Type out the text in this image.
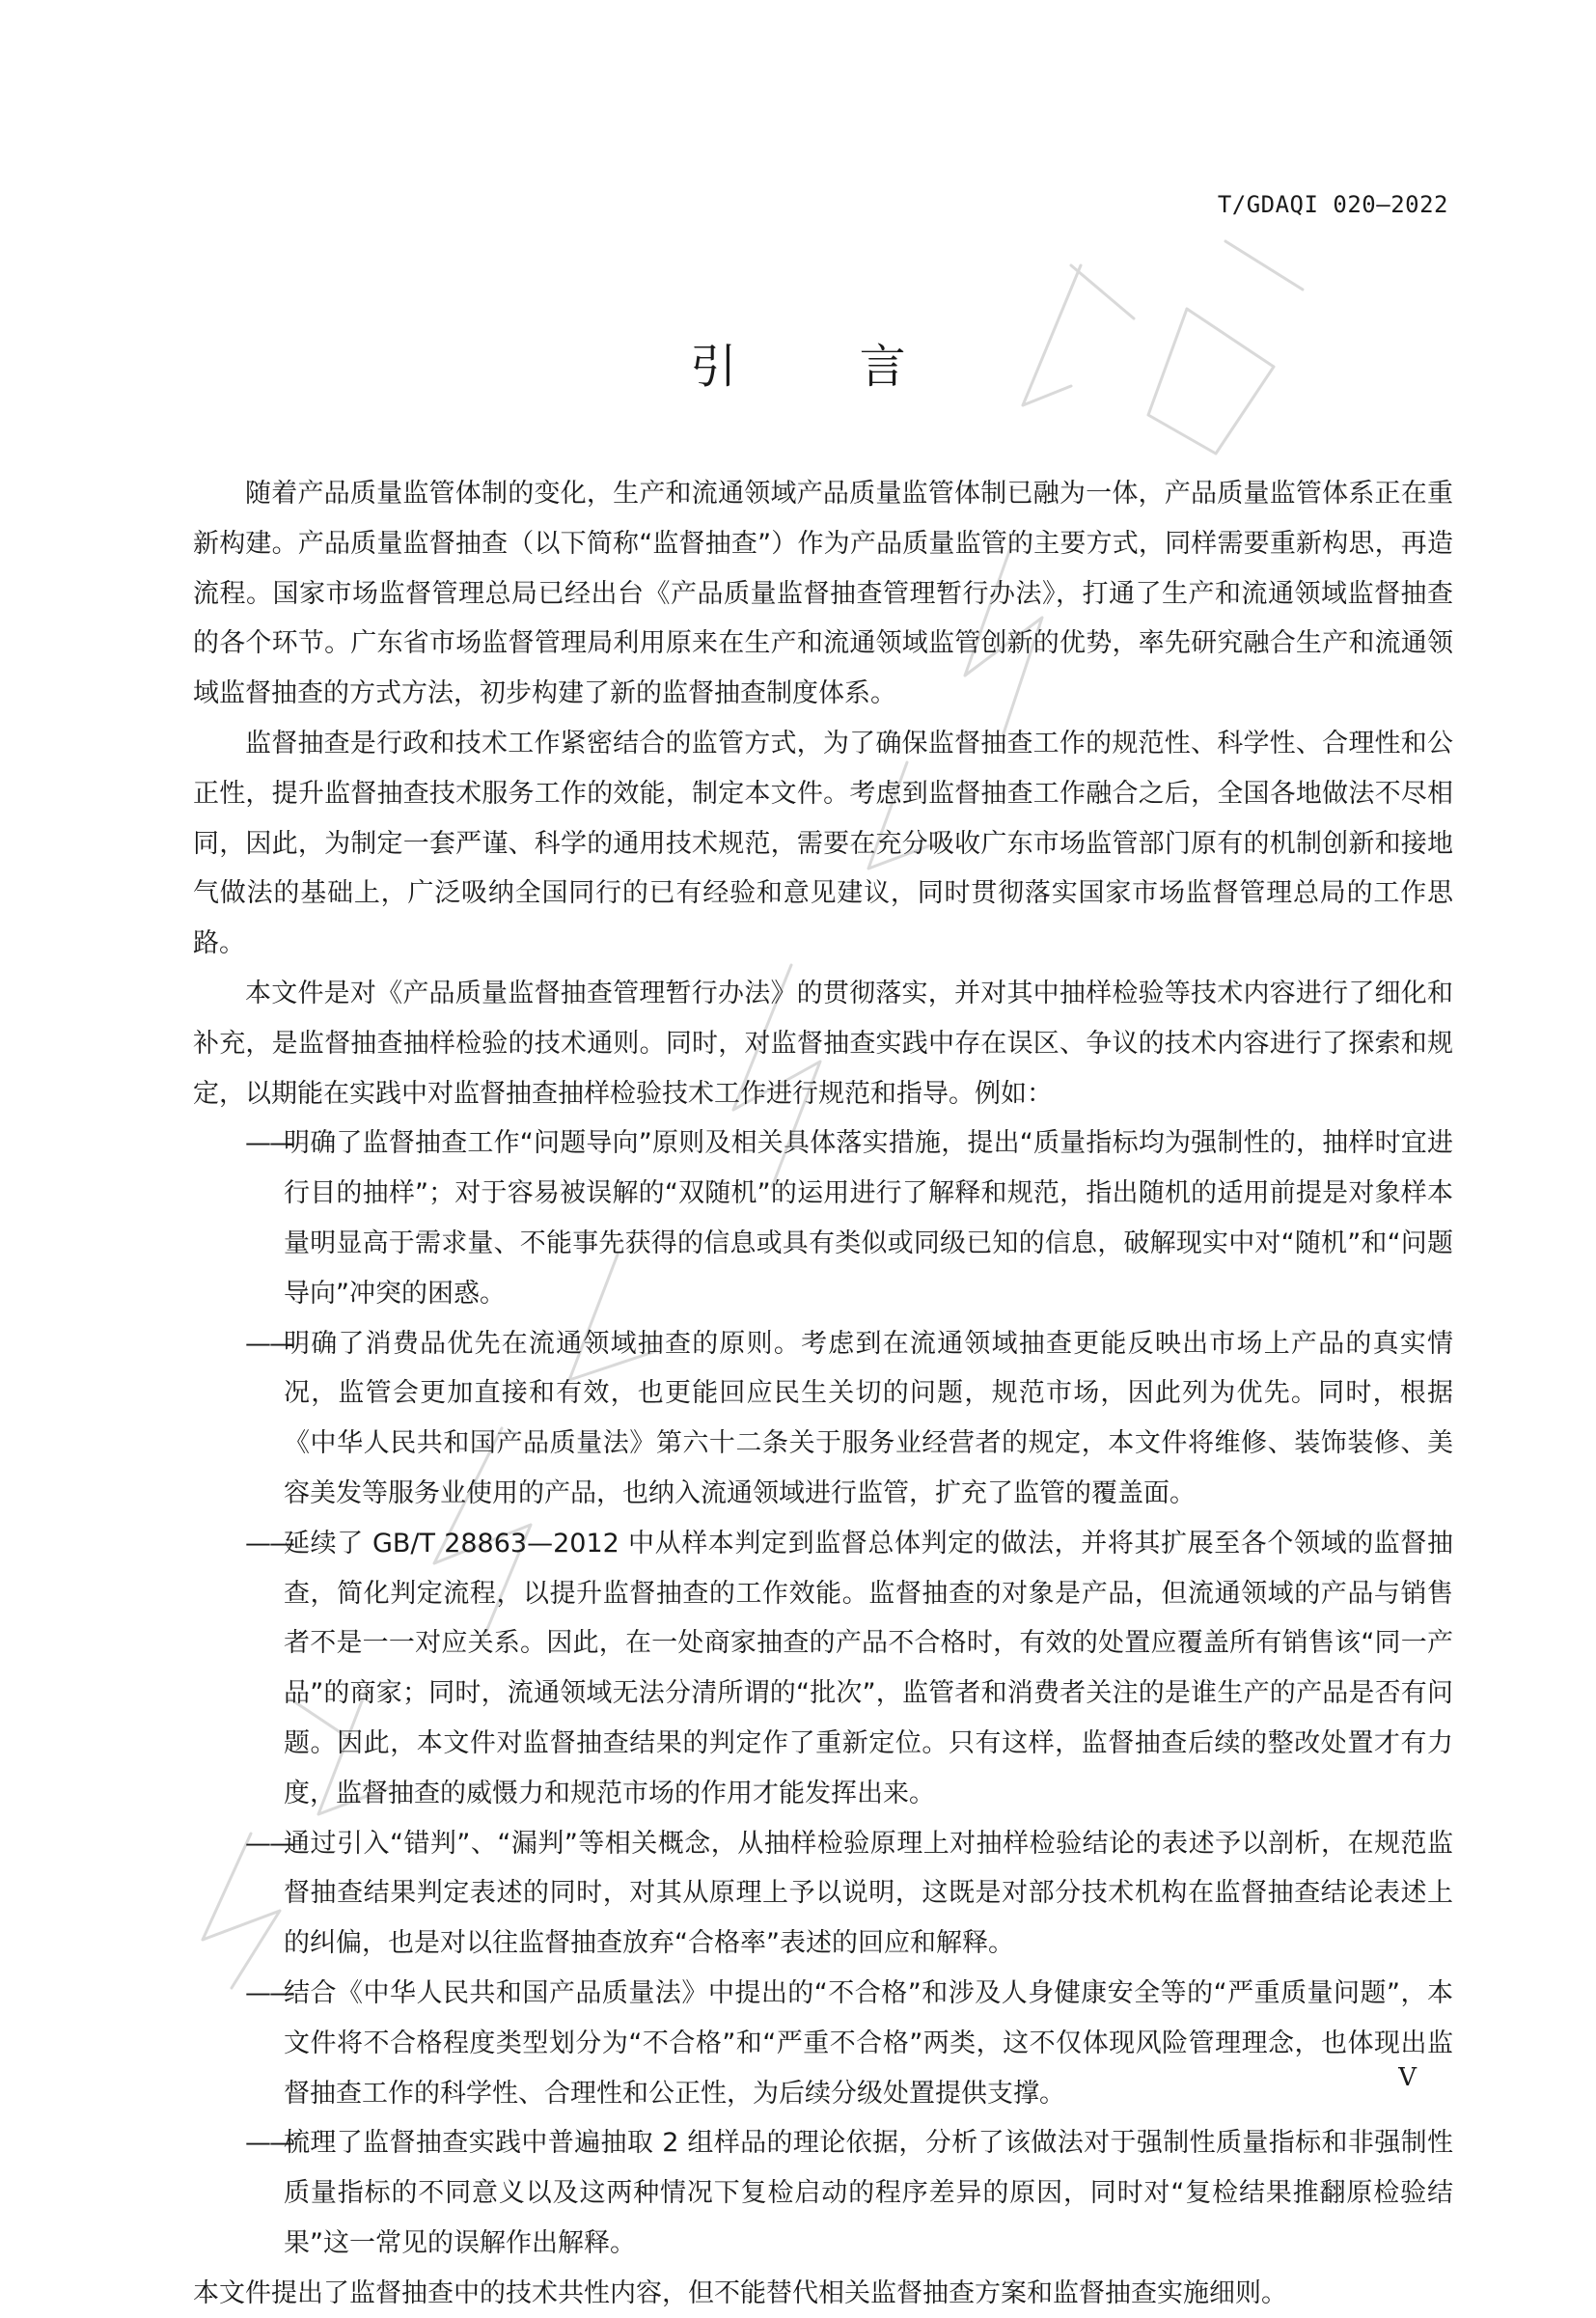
T/GDAQI 020—2022
引 言

随着产品质量监管体制的变化，生产和流通领域产品质量监管体制已融为一体，产品质量监管体系正在重新构建。产品质量监督抽查（以下简称“监督抽查”）作为产品质量监管的主要方式，同样需要重新构思，再造流程。国家市场监督管理总局已经出台《产品质量监督抽查管理暂行办法》，打通了生产和流通领域监督抽查的各个环节。广东省市场监督管理局利用原来在生产和流通领域监管创新的优势，率先研究融合生产和流通领域监督抽查的方式方法，初步构建了新的监督抽查制度体系。

监督抽查是行政和技术工作紧密结合的监管方式，为了确保监督抽查工作的规范性、科学性、合理性和公正性，提升监督抽查技术服务工作的效能，制定本文件。考虑到监督抽查工作融合之后，全国各地做法不尽相同，因此，为制定一套严谨、科学的通用技术规范，需要在充分吸收广东市场监管部门原有的机制创新和接地气做法的基础上，广泛吸纳全国同行的已有经验和意见建议，同时贯彻落实国家市场监督管理总局的工作思路。

本文件是对《产品质量监督抽查管理暂行办法》的贯彻落实，并对其中抽样检验等技术内容进行了细化和补充，是监督抽查抽样检验的技术通则。同时，对监督抽查实践中存在误区、争议的技术内容进行了探索和规定，以期能在实践中对监督抽查抽样检验技术工作进行规范和指导。例如：

——
明确了监督抽查工作“问题导向”原则及相关具体落实措施，提出“质量指标均为强制性的，抽样时宜进行目的抽样”；对于容易被误解的“双随机”的运用进行了解释和规范，指出随机的适用前提是对象样本量明显高于需求量、不能事先获得的信息或具有类似或同级已知的信息，破解现实中对“随机”和“问题导向”冲突的困惑。

——
明确了消费品优先在流通领域抽查的原则。考虑到在流通领域抽查更能反映出市场上产品的真实情况，监管会更加直接和有效，也更能回应民生关切的问题，规范市场，因此列为优先。同时，根据《中华人民共和国产品质量法》第六十二条关于服务业经营者的规定，本文件将维修、装饰装修、美容美发等服务业使用的产品，也纳入流通领域进行监管，扩充了监管的覆盖面。

——
延续了 GB/T 28863—2012 中从样本判定到监督总体判定的做法，并将其扩展至各个领域的监督抽查，简化判定流程，以提升监督抽查的工作效能。监督抽查的对象是产品，但流通领域的产品与销售者不是一一对应关系。因此，在一处商家抽查的产品不合格时，有效的处置应覆盖所有销售该“同一产品”的商家；同时，流通领域无法分清所谓的“批次”，监管者和消费者关注的是谁生产的产品是否有问题。因此，本文件对监督抽查结果的判定作了重新定位。只有这样，监督抽查后续的整改处置才有力度，监督抽查的威慑力和规范市场的作用才能发挥出来。

——
通过引入“错判”、“漏判”等相关概念，从抽样检验原理上对抽样检验结论的表述予以剖析，在规范监督抽查结果判定表述的同时，对其从原理上予以说明，这既是对部分技术机构在监督抽查结论表述上的纠偏，也是对以往监督抽查放弃“合格率”表述的回应和解释。

——
结合《中华人民共和国产品质量法》中提出的“不合格”和涉及人身健康安全等的“严重质量问题”，本文件将不合格程度类型划分为“不合格”和“严重不合格”两类，这不仅体现风险管理理念，也体现出监督抽查工作的科学性、合理性和公正性，为后续分级处置提供支撑。

——
梳理了监督抽查实践中普遍抽取 2 组样品的理论依据，分析了该做法对于强制性质量指标和非强制性质量指标的不同意义以及这两种情况下复检启动的程序差异的原因，同时对“复检结果推翻原检验结果”这一常见的误解作出解释。

本文件提出了监督抽查中的技术共性内容，但不能替代相关监督抽查方案和监督抽查实施细则。

V
